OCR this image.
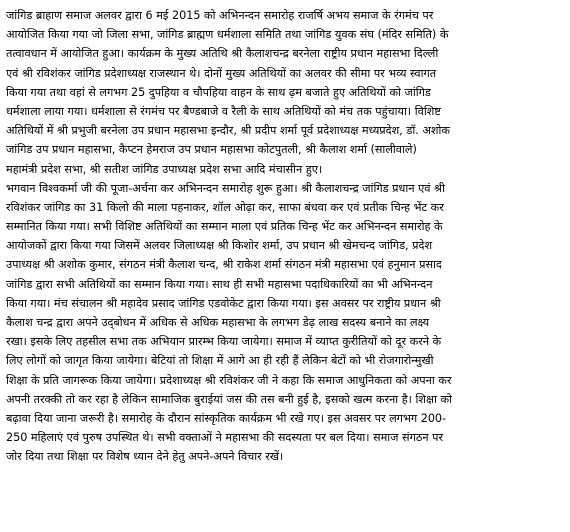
जांगिड ब्राहाण समाज अलवर द्वारा 6 मई 2015 को अभिनन्दन समारोह राजर्षि अभय समाज के रंगमंच पर
आयोजित किया गया जो जिला सभा, जांगिड ब्राह्मण धर्मशाला समिति तथा जांगिड युवक संघ (मंदिर समिति) के
तत्वावधान में आयोजित हुआ। कार्यक्रम के मुख्य अतिथि श्री कैलाशचन्द्र बरनेला राष्ट्रीय प्रधान महासभा दिल्ली
एवं श्री रविशंकर जांगिड प्रदेशाध्यक्ष राजस्थान थे। दोनों मुख्य अतिथियों का अलवर की सीमा पर भव्य स्वागत
किया गया तथा वहां से लगभग 25 दुपहिया व चौपहिया वाहन के साथ ढ़म बजाते हुए अतिथियों को जांगिड
धर्मशाला लाया गया। धर्मशाला से रंगमंच पर बैण्डबाजे व रैली के साथ अतिथियों को मंच तक पहुंचाया। विशिष्ट
अतिथियों में श्री प्रभुजी बरनेला उप प्रधान महासभा इन्दौर, श्री प्रदीप शर्मा पूर्व प्रदेशाध्यक्ष मध्यप्रदेश, डॉ. अशोक
जांगिड उप प्रधान महासभा, कैप्टन हेमराज उप प्रधान महासभा कोटपुतली, श्री कैलाश शर्मा (सालीवाले)
महामंत्री प्रदेश सभा, श्री सतीश जांगिड उपाध्यक्ष प्रदेश सभा आदि मंचासीन हुए।
भगवान विश्वकर्मा जी की पूजा-अर्चना कर अभिनन्दन समारोह शुरू हुआ। श्री कैलाशचन्द्र जांगिड प्रधान एवं श्री
रविशंकर जांगिड का 31 किलो की माला पहनाकर, शॉल ओढ़ा कर, साफा बंधवा कर एवं प्रतीक चिन्ह भेंट कर
सम्मानित किया गया। सभी विशिष्ट अतिथियों का सम्मान माला एवं प्रतिक चिन्ह भेंट कर अभिनन्दन समारोह के
आयोजकों द्वारा किया गया जिसमें अलवर जिलाध्यक्ष श्री किशोर शर्मा, उप प्रधान श्री खेमचन्द जांगिड, प्रदेश
उपाध्यक्ष श्री अशोक कुमार, संगठन मंत्री कैलाश चन्द, श्री राकेश शर्मा संगठन मंत्री महासभा एवं हनुमान प्रसाद
जांगिड द्वारा सभी अतिथियों का सम्मान किया गया। साथ ही सभी महासभा पदाधिकारियों का भी अभिनन्दन
किया गया। मंच संचालन श्री महादेव प्रसाद जांगिड एडवोकेट द्वारा किया गया। इस अवसर पर राष्ट्रीय प्रधान श्री
कैलाश चन्द्र द्वारा अपने उद्‌बोधन में अधिक से अधिक महासभा के लगभग डेढ़ लाख सदस्य बनाने का लक्ष्य
रखा। इसके लिए तहसील सभा तक अभियान प्रारम्भ किया जायेगा। समाज में व्याप्त कुरीतियों को दूर करने के
लिए लोगों को जागृत किया जायेगा। बेटियां तो शिक्षा में आगे आ ही रही हैं लेकिन बेटों को भी रोजगारोन्मुखी
शिक्षा के प्रति जागरूक किया जायेगा। प्रदेशाध्यक्ष श्री रविशंकर जी ने कहा कि समाज आधुनिकता को अपना कर
अपनी तरक्की तो कर रहा है लेकिन सामाजिक बुराईयां जस की तस बनी हुई है, इसको खत्म करना है। शिक्षा को
बढ़ावा दिया जाना जरूरी है। समारोह के दौरान सांस्कृतिक कार्यक्रम भी रखे गए। इस अवसर पर लगभग 200-
250 महिलाएं एवं पुरुष उपस्थित थे। सभी वक्ताओं ने महासभा की सदस्यता पर बल दिया। समाज संगठन पर
जोर दिया तथा शिक्षा पर विशेष ध्यान देने हेतु अपने-अपने विचार रखें।
